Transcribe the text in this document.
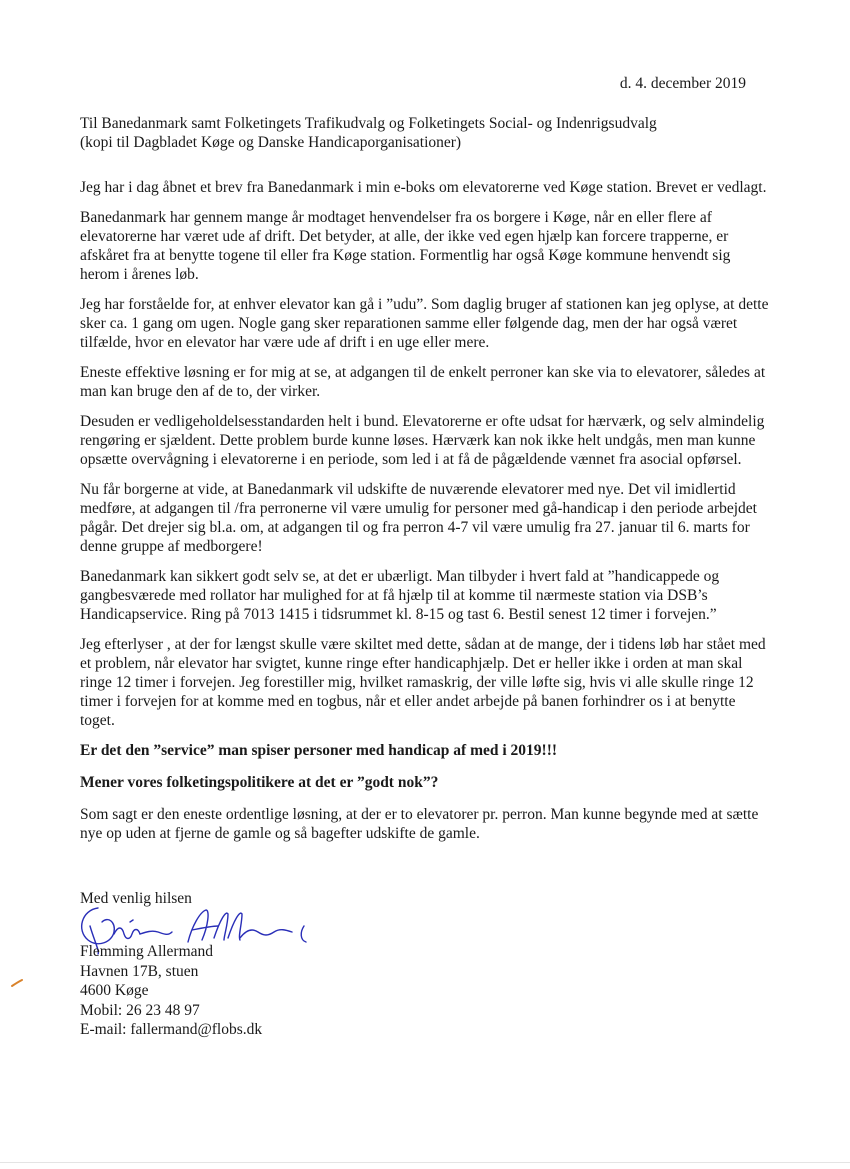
d. 4. december 2019
Til Banedanmark samt Folketingets Trafikudvalg og Folketingets Social- og Indenrigsudvalg
(kopi til Dagbladet Køge og Danske Handicaporganisationer)

Jeg har i dag åbnet et brev fra Banedanmark i min e-boks om elevatorerne ved Køge station. Brevet er vedlagt.

Banedanmark har gennem mange år modtaget henvendelser fra os borgere i Køge, når en eller flere af elevatorerne har været ude af drift. Det betyder, at alle, der ikke ved egen hjælp kan forcere trapperne, er afskåret fra at benytte togene til eller fra Køge station. Formentlig har også Køge kommune henvendt sig herom i årenes løb.

Jeg har forståelde for, at enhver elevator kan gå i ”udu”. Som daglig bruger af stationen kan jeg oplyse, at dette sker ca. 1 gang om ugen. Nogle gang sker reparationen samme eller følgende dag, men der har også været tilfælde, hvor en elevator har være ude af drift i en uge eller mere.

Eneste effektive løsning er for mig at se, at adgangen til de enkelt perroner kan ske via to elevatorer, således at man kan bruge den af de to, der virker.

Desuden er vedligeholdelsesstandarden helt i bund. Elevatorerne er ofte udsat for hærværk, og selv almindelig rengøring er sjældent. Dette problem burde kunne løses. Hærværk kan nok ikke helt undgås, men man kunne opsætte overvågning i elevatorerne i en periode, som led i at få de pågældende vænnet fra asocial opførsel.

Nu får borgerne at vide, at Banedanmark vil udskifte de nuværende elevatorer med nye. Det vil imidlertid medføre, at adgangen til /fra perronerne vil være umulig for personer med gå-handicap i den periode arbejdet pågår. Det drejer sig bl.a. om, at adgangen til og fra perron 4-7 vil være umulig fra 27. januar til 6. marts for denne gruppe af medborgere!

Banedanmark kan sikkert godt selv se, at det er ubærligt. Man tilbyder i hvert fald at ”handicappede og gangbesværede med rollator har mulighed for at få hjælp til at komme til nærmeste station via DSB’s Handicapservice. Ring på 7013 1415 i tidsrummet kl. 8-15 og tast 6. Bestil senest 12 timer i forvejen.”

Jeg efterlyser , at der for længst skulle være skiltet med dette, sådan at de mange, der i tidens løb har stået med et problem, når elevator har svigtet, kunne ringe efter handicaphjælp. Det er heller ikke i orden at man skal ringe 12 timer i forvejen. Jeg forestiller mig, hvilket ramaskrig, der ville løfte sig, hvis vi alle skulle ringe 12 timer i forvejen for at komme med en togbus, når et eller andet arbejde på banen forhindrer os i at benytte toget.

Er det den ”service” man spiser personer med handicap af med i 2019!!!

Mener vores folketingspolitikere at det er ”godt nok”?

Som sagt er den eneste ordentlige løsning, at der er to elevatorer pr. perron. Man kunne begynde med at sætte nye op uden at fjerne de gamle og så bagefter udskifte de gamle.

Med venlig hilsen
Flemming Allermand
Havnen 17B, stuen
4600 Køge
Mobil: 26 23 48 97
E-mail: fallermand@flobs.dk
